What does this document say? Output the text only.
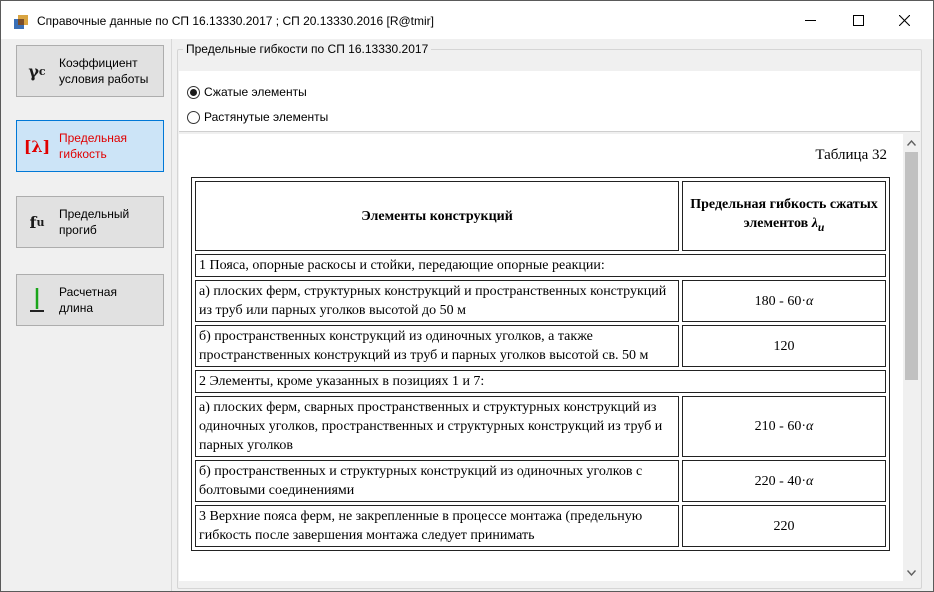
Справочные данные по СП 16.13330.2017 ; СП 20.13330.2016 [R@tmir]
γ c
Коэффициент
условия работы
[λ] Предельная
гибкость
f u
Предельный
прогиб
Расчетная
длина
Предельные гибкости по СП 16.13330.2017
Сжатые элементы
Растянутые элементы
Таблица 32
Элементы конструкций	Предельная гибкость сжатых элементов $\lambda_u$
1 Пояса, опорные раскосы и стойки, передающие опорные реакции:	
а) плоских ферм, структурных конструкций и пространственных конструкций из труб или парных уголков высотой до 50 м	180 - 60·α
б) пространственных конструкций из одиночных уголков, а также пространственных конструкций из труб и парных уголков высотой св. 50 м	120
2 Элементы, кроме указанных в позициях 1 и 7:	
а) плоских ферм, сварных пространственных и структурных конструкций из одиночных уголков, пространственных и структурных конструкций из труб и парных уголков	210 - 60·α
б) пространственных и структурных конструкций из одиночных уголков с болтовыми соединениями	220 - 40·α
3 Верхние пояса ферм, не закрепленные в процессе монтажа (предельную гибкость после завершения монтажа следует принимать	220
